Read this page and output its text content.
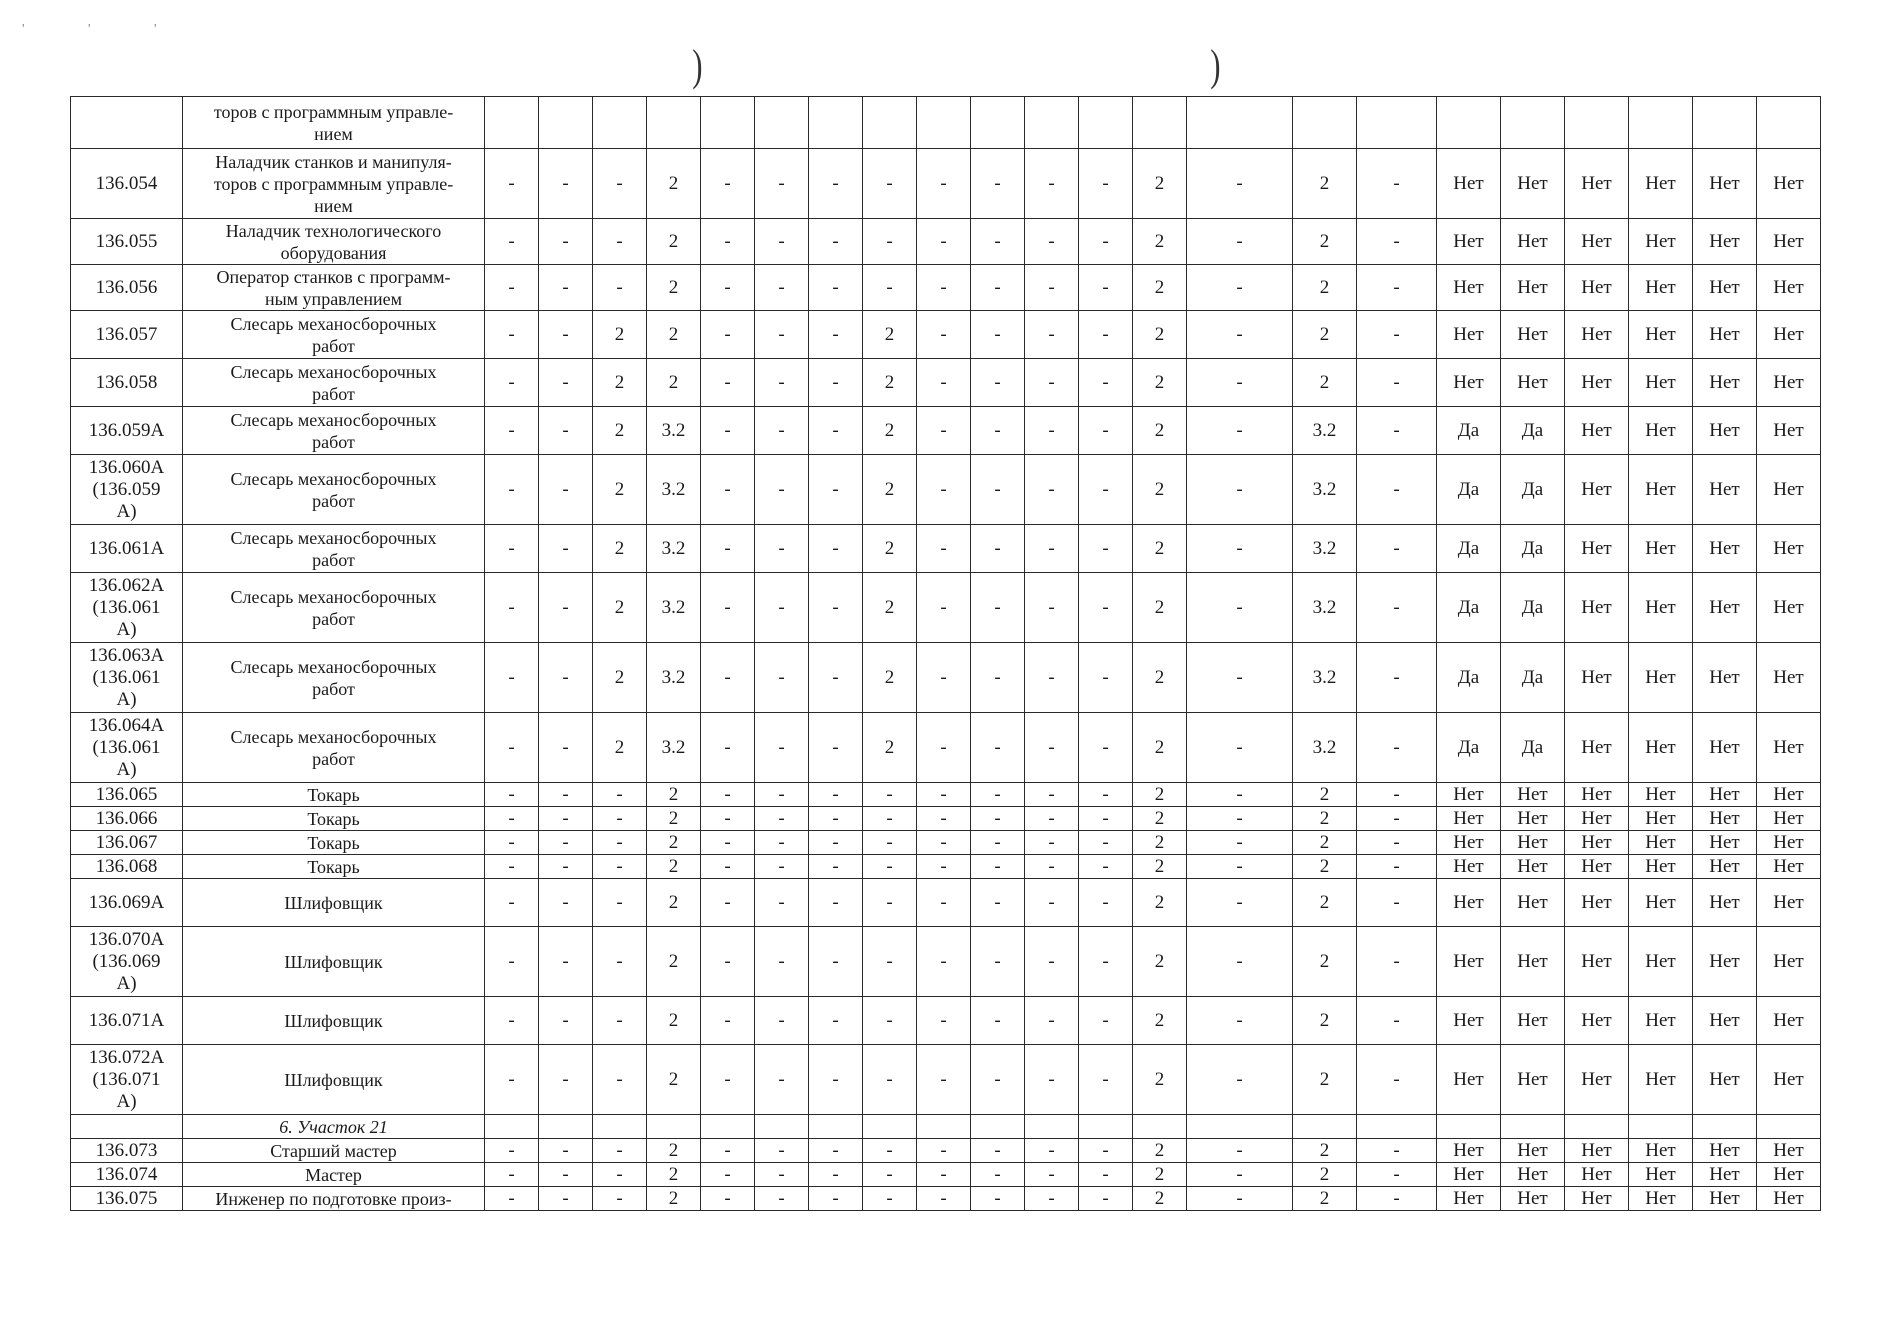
' ' '
)	)
	торов с программным управле-
нием																						
136.054	Наладчик станков и манипуля-
торов с программным управле-
нием	-	-	-	2	-	-	-	-	-	-	-	-	2	-	2	-	Нет	Нет	Нет	Нет	Нет	Нет
136.055	Наладчик технологического
оборудования	-	-	-	2	-	-	-	-	-	-	-	-	2	-	2	-	Нет	Нет	Нет	Нет	Нет	Нет
136.056	Оператор станков с программ-
ным управлением	-	-	-	2	-	-	-	-	-	-	-	-	2	-	2	-	Нет	Нет	Нет	Нет	Нет	Нет
136.057	Слесарь механосборочных
работ	-	-	2	2	-	-	-	2	-	-	-	-	2	-	2	-	Нет	Нет	Нет	Нет	Нет	Нет
136.058	Слесарь механосборочных
работ	-	-	2	2	-	-	-	2	-	-	-	-	2	-	2	-	Нет	Нет	Нет	Нет	Нет	Нет
136.059А	Слесарь механосборочных
работ	-	-	2	3.2	-	-	-	2	-	-	-	-	2	-	3.2	-	Да	Да	Нет	Нет	Нет	Нет
136.060А
(136.059
А)	Слесарь механосборочных
работ	-	-	2	3.2	-	-	-	2	-	-	-	-	2	-	3.2	-	Да	Да	Нет	Нет	Нет	Нет
136.061А	Слесарь механосборочных
работ	-	-	2	3.2	-	-	-	2	-	-	-	-	2	-	3.2	-	Да	Да	Нет	Нет	Нет	Нет
136.062А
(136.061
А)	Слесарь механосборочных
работ	-	-	2	3.2	-	-	-	2	-	-	-	-	2	-	3.2	-	Да	Да	Нет	Нет	Нет	Нет
136.063А
(136.061
А)	Слесарь механосборочных
работ	-	-	2	3.2	-	-	-	2	-	-	-	-	2	-	3.2	-	Да	Да	Нет	Нет	Нет	Нет
136.064А
(136.061
А)	Слесарь механосборочных
работ	-	-	2	3.2	-	-	-	2	-	-	-	-	2	-	3.2	-	Да	Да	Нет	Нет	Нет	Нет
136.065	Токарь	-	-	-	2	-	-	-	-	-	-	-	-	2	-	2	-	Нет	Нет	Нет	Нет	Нет	Нет
136.066	Токарь	-	-	-	2	-	-	-	-	-	-	-	-	2	-	2	-	Нет	Нет	Нет	Нет	Нет	Нет
136.067	Токарь	-	-	-	2	-	-	-	-	-	-	-	-	2	-	2	-	Нет	Нет	Нет	Нет	Нет	Нет
136.068	Токарь	-	-	-	2	-	-	-	-	-	-	-	-	2	-	2	-	Нет	Нет	Нет	Нет	Нет	Нет
136.069А	Шлифовщик	-	-	-	2	-	-	-	-	-	-	-	-	2	-	2	-	Нет	Нет	Нет	Нет	Нет	Нет
136.070А
(136.069
А)	Шлифовщик	-	-	-	2	-	-	-	-	-	-	-	-	2	-	2	-	Нет	Нет	Нет	Нет	Нет	Нет
136.071А	Шлифовщик	-	-	-	2	-	-	-	-	-	-	-	-	2	-	2	-	Нет	Нет	Нет	Нет	Нет	Нет
136.072А
(136.071
А)	Шлифовщик	-	-	-	2	-	-	-	-	-	-	-	-	2	-	2	-	Нет	Нет	Нет	Нет	Нет	Нет
	6. Участок 21																						
136.073	Старший мастер	-	-	-	2	-	-	-	-	-	-	-	-	2	-	2	-	Нет	Нет	Нет	Нет	Нет	Нет
136.074	Мастер	-	-	-	2	-	-	-	-	-	-	-	-	2	-	2	-	Нет	Нет	Нет	Нет	Нет	Нет
136.075	Инженер по подготовке произ-	-	-	-	2	-	-	-	-	-	-	-	-	2	-	2	-	Нет	Нет	Нет	Нет	Нет	Нет
